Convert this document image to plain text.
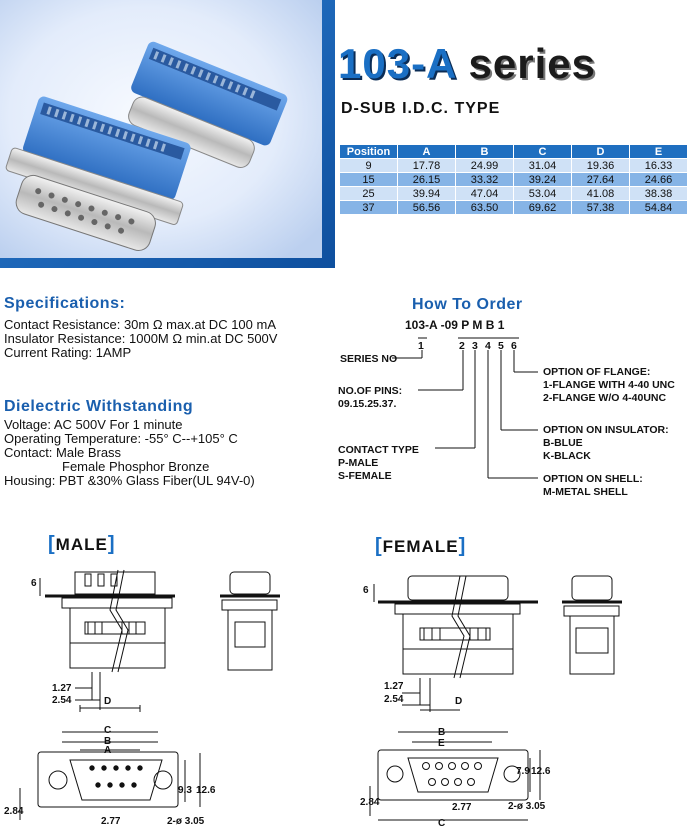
103-A series
D-SUB I.D.C. TYPE
Position	A	B	C	D	E
9	17.78	24.99	31.04	19.36	16.33
15	26.15	33.32	39.24	27.64	24.66
25	39.94	47.04	53.04	41.08	38.38
37	56.56	63.50	69.62	57.38	54.84
Specifications:
Contact Resistance: 30m Ω max.at DC 100 mA
Insulator Resistance: 1000M Ω min.at DC 500V
Current Rating: 1AMP
Dielectric Withstanding
Voltage: AC 500V For 1 minute
Operating Temperature: -55° C--+105° C
Contact: Male Brass
Female Phosphor Bronze
Housing: PBT &30% Glass Fiber(UL 94V-0)
How To Order
103-A -09 P M B 1
1	2 3 4 5 6
SERIES NO
NO.OF PINS:
09.15.25.37.
CONTACT TYPE
P-MALE
S-FEMALE
OPTION OF FLANGE:
1-FLANGE WITH 4-40 UNC
2-FLANGE W/O 4-40UNC
OPTION ON INSULATOR:
B-BLUE
K-BLACK
OPTION ON SHELL:
M-METAL SHELL
[MALE]
6
1.27
2.54	D
C
B
A
9.3 12.6
2.84
2.77	2-ø 3.05
[FEMALE]
6
1.27
2.54	D
B
E
7.9 12.6
2.84	2.77	2-ø 3.05
C
